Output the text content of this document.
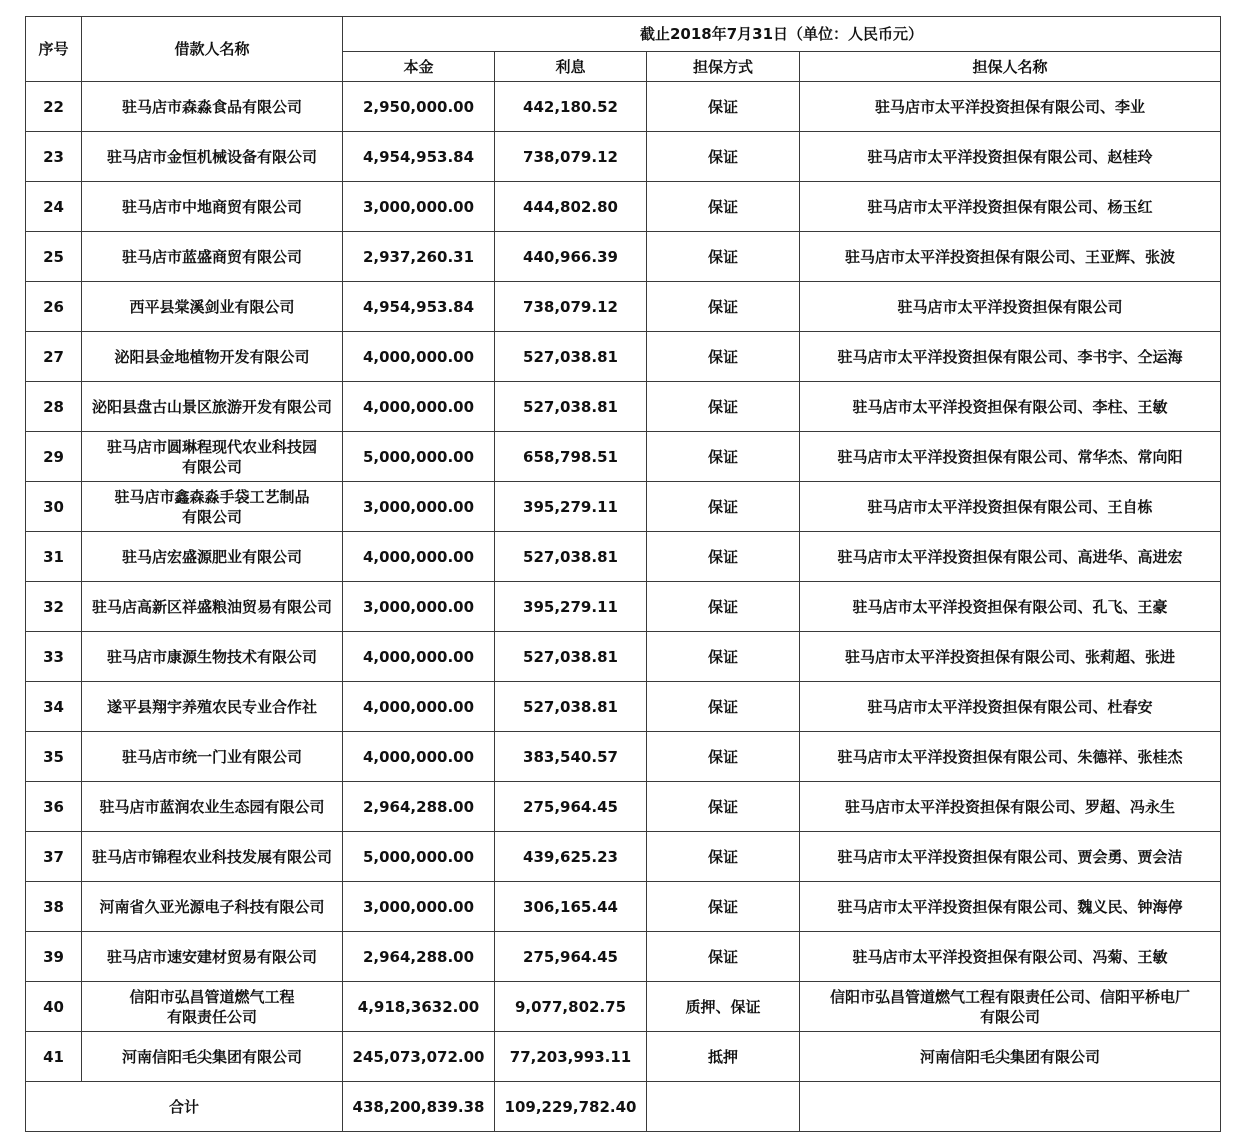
序号	借款人名称	截止2018年7月31日（单位：人民币元）			
		本金	利息	担保方式	担保人名称
22	驻马店市森淼食品有限公司	2,950,000.00	442,180.52	保证	驻马店市太平洋投资担保有限公司、李业

23	驻马店市金恒机械设备有限公司	4,954,953.84	738,079.12	保证	驻马店市太平洋投资担保有限公司、赵桂玲

24	驻马店市中地商贸有限公司	3,000,000.00	444,802.80	保证	驻马店市太平洋投资担保有限公司、杨玉红

25	驻马店市蓝盛商贸有限公司	2,937,260.31	440,966.39	保证	驻马店市太平洋投资担保有限公司、王亚辉、张波

26	西平县棠溪剑业有限公司	4,954,953.84	738,079.12	保证	驻马店市太平洋投资担保有限公司

27	泌阳县金地植物开发有限公司	4,000,000.00	527,038.81	保证	驻马店市太平洋投资担保有限公司、李书宇、仝运海

28	泌阳县盘古山景区旅游开发有限公司	4,000,000.00	527,038.81	保证	驻马店市太平洋投资担保有限公司、李柱、王敏

29	驻马店市圆琳程现代农业科技园
有限公司	5,000,000.00	658,798.51	保证	驻马店市太平洋投资担保有限公司、常华杰、常向阳

30	驻马店市鑫森淼手袋工艺制品
有限公司	3,000,000.00	395,279.11	保证	驻马店市太平洋投资担保有限公司、王自栋

31	驻马店宏盛源肥业有限公司	4,000,000.00	527,038.81	保证	驻马店市太平洋投资担保有限公司、高进华、高进宏

32	驻马店高新区祥盛粮油贸易有限公司	3,000,000.00	395,279.11	保证	驻马店市太平洋投资担保有限公司、孔飞、王豪

33	驻马店市康源生物技术有限公司	4,000,000.00	527,038.81	保证	驻马店市太平洋投资担保有限公司、张莉超、张进

34	遂平县翔宇养殖农民专业合作社	4,000,000.00	527,038.81	保证	驻马店市太平洋投资担保有限公司、杜春安

35	驻马店市统一门业有限公司	4,000,000.00	383,540.57	保证	驻马店市太平洋投资担保有限公司、朱德祥、张桂杰

36	驻马店市蓝润农业生态园有限公司	2,964,288.00	275,964.45	保证	驻马店市太平洋投资担保有限公司、罗超、冯永生

37	驻马店市锦程农业科技发展有限公司	5,000,000.00	439,625.23	保证	驻马店市太平洋投资担保有限公司、贾会勇、贾会洁

38	河南省久亚光源电子科技有限公司	3,000,000.00	306,165.44	保证	驻马店市太平洋投资担保有限公司、魏义民、钟海停

39	驻马店市速安建材贸易有限公司	2,964,288.00	275,964.45	保证	驻马店市太平洋投资担保有限公司、冯菊、王敏

40	信阳市弘昌管道燃气工程
有限责任公司	4,918,3632.00	9,077,802.75	质押、保证	信阳市弘昌管道燃气工程有限责任公司、信阳平桥电厂
有限公司

41	河南信阳毛尖集团有限公司	245,073,072.00	77,203,993.11	抵押	河南信阳毛尖集团有限公司

合计		438,200,839.38	109,229,782.40		
